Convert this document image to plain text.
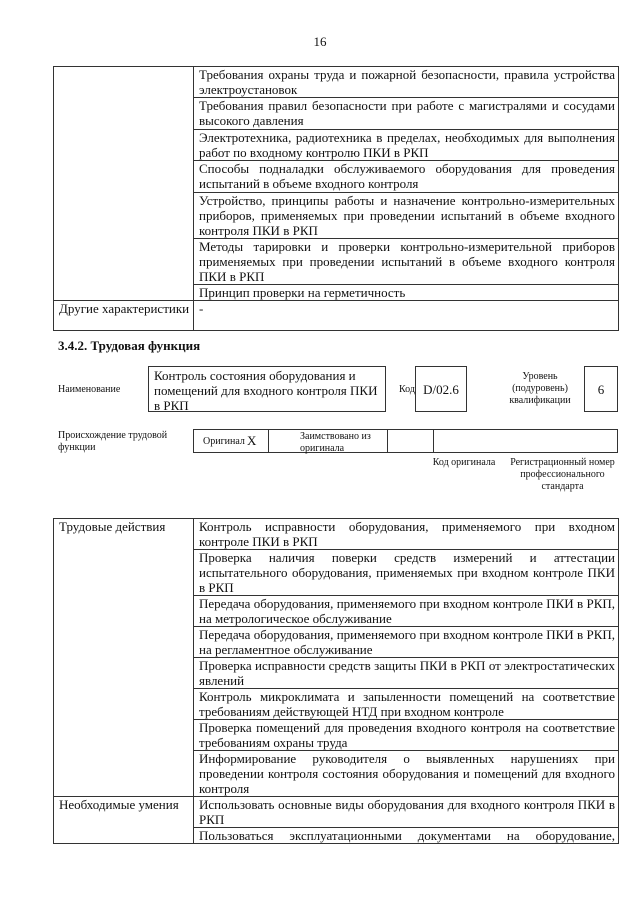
16
	Требования охраны труда и пожарной безопасности, правила устройства электроустановок
	Требования правил безопасности при работе с магистралями и сосудами высокого давления
	Электротехника, радиотехника в пределах, необходимых для выполнения работ по входному контролю ПКИ в РКП
	Способы подналадки обслуживаемого оборудования для проведения испытаний в объеме входного контроля
	Устройство, принципы работы и назначение контрольно-измерительных приборов, применяемых при проведении испытаний в объеме входного контроля ПКИ в РКП
	Методы тарировки и проверки контрольно-измерительной приборов применяемых при проведении испытаний в объеме входного контроля ПКИ в РКП
	Принцип проверки на герметичность
Другие характеристики	-
3.4.2. Трудовая функция
Наименование
Контроль состояния оборудования и помещений для входного контроля ПКИ в РКП
Код D/02.6
Уровень (подуровень) квалификации
6
Происхождение трудовой функции
Оригинал X	Заимствовано из оригинала
Код оригинала	Регистрационный номер профессионального стандарта
Трудовые действия	Контроль исправности оборудования, применяемого при входном контроле ПКИ в РКП
	Проверка наличия поверки средств измерений и аттестации испытательного оборудования, применяемых при входном контроле ПКИ в РКП
	Передача оборудования, применяемого при входном контроле ПКИ в РКП, на метрологическое обслуживание
	Передача оборудования, применяемого при входном контроле ПКИ в РКП, на регламентное обслуживание
	Проверка исправности средств защиты ПКИ в РКП от электростатических явлений
	Контроль микроклимата и запыленности помещений на соответствие требованиям действующей НТД при входном контроле
	Проверка помещений для проведения входного контроля на соответствие требованиям охраны труда
	Информирование руководителя о выявленных нарушениях при проведении контроля состояния оборудования и помещений для входного контроля
Необходимые умения	Использовать основные виды оборудования для входного контроля ПКИ в РКП
	Пользоваться эксплуатационными документами на оборудование,
